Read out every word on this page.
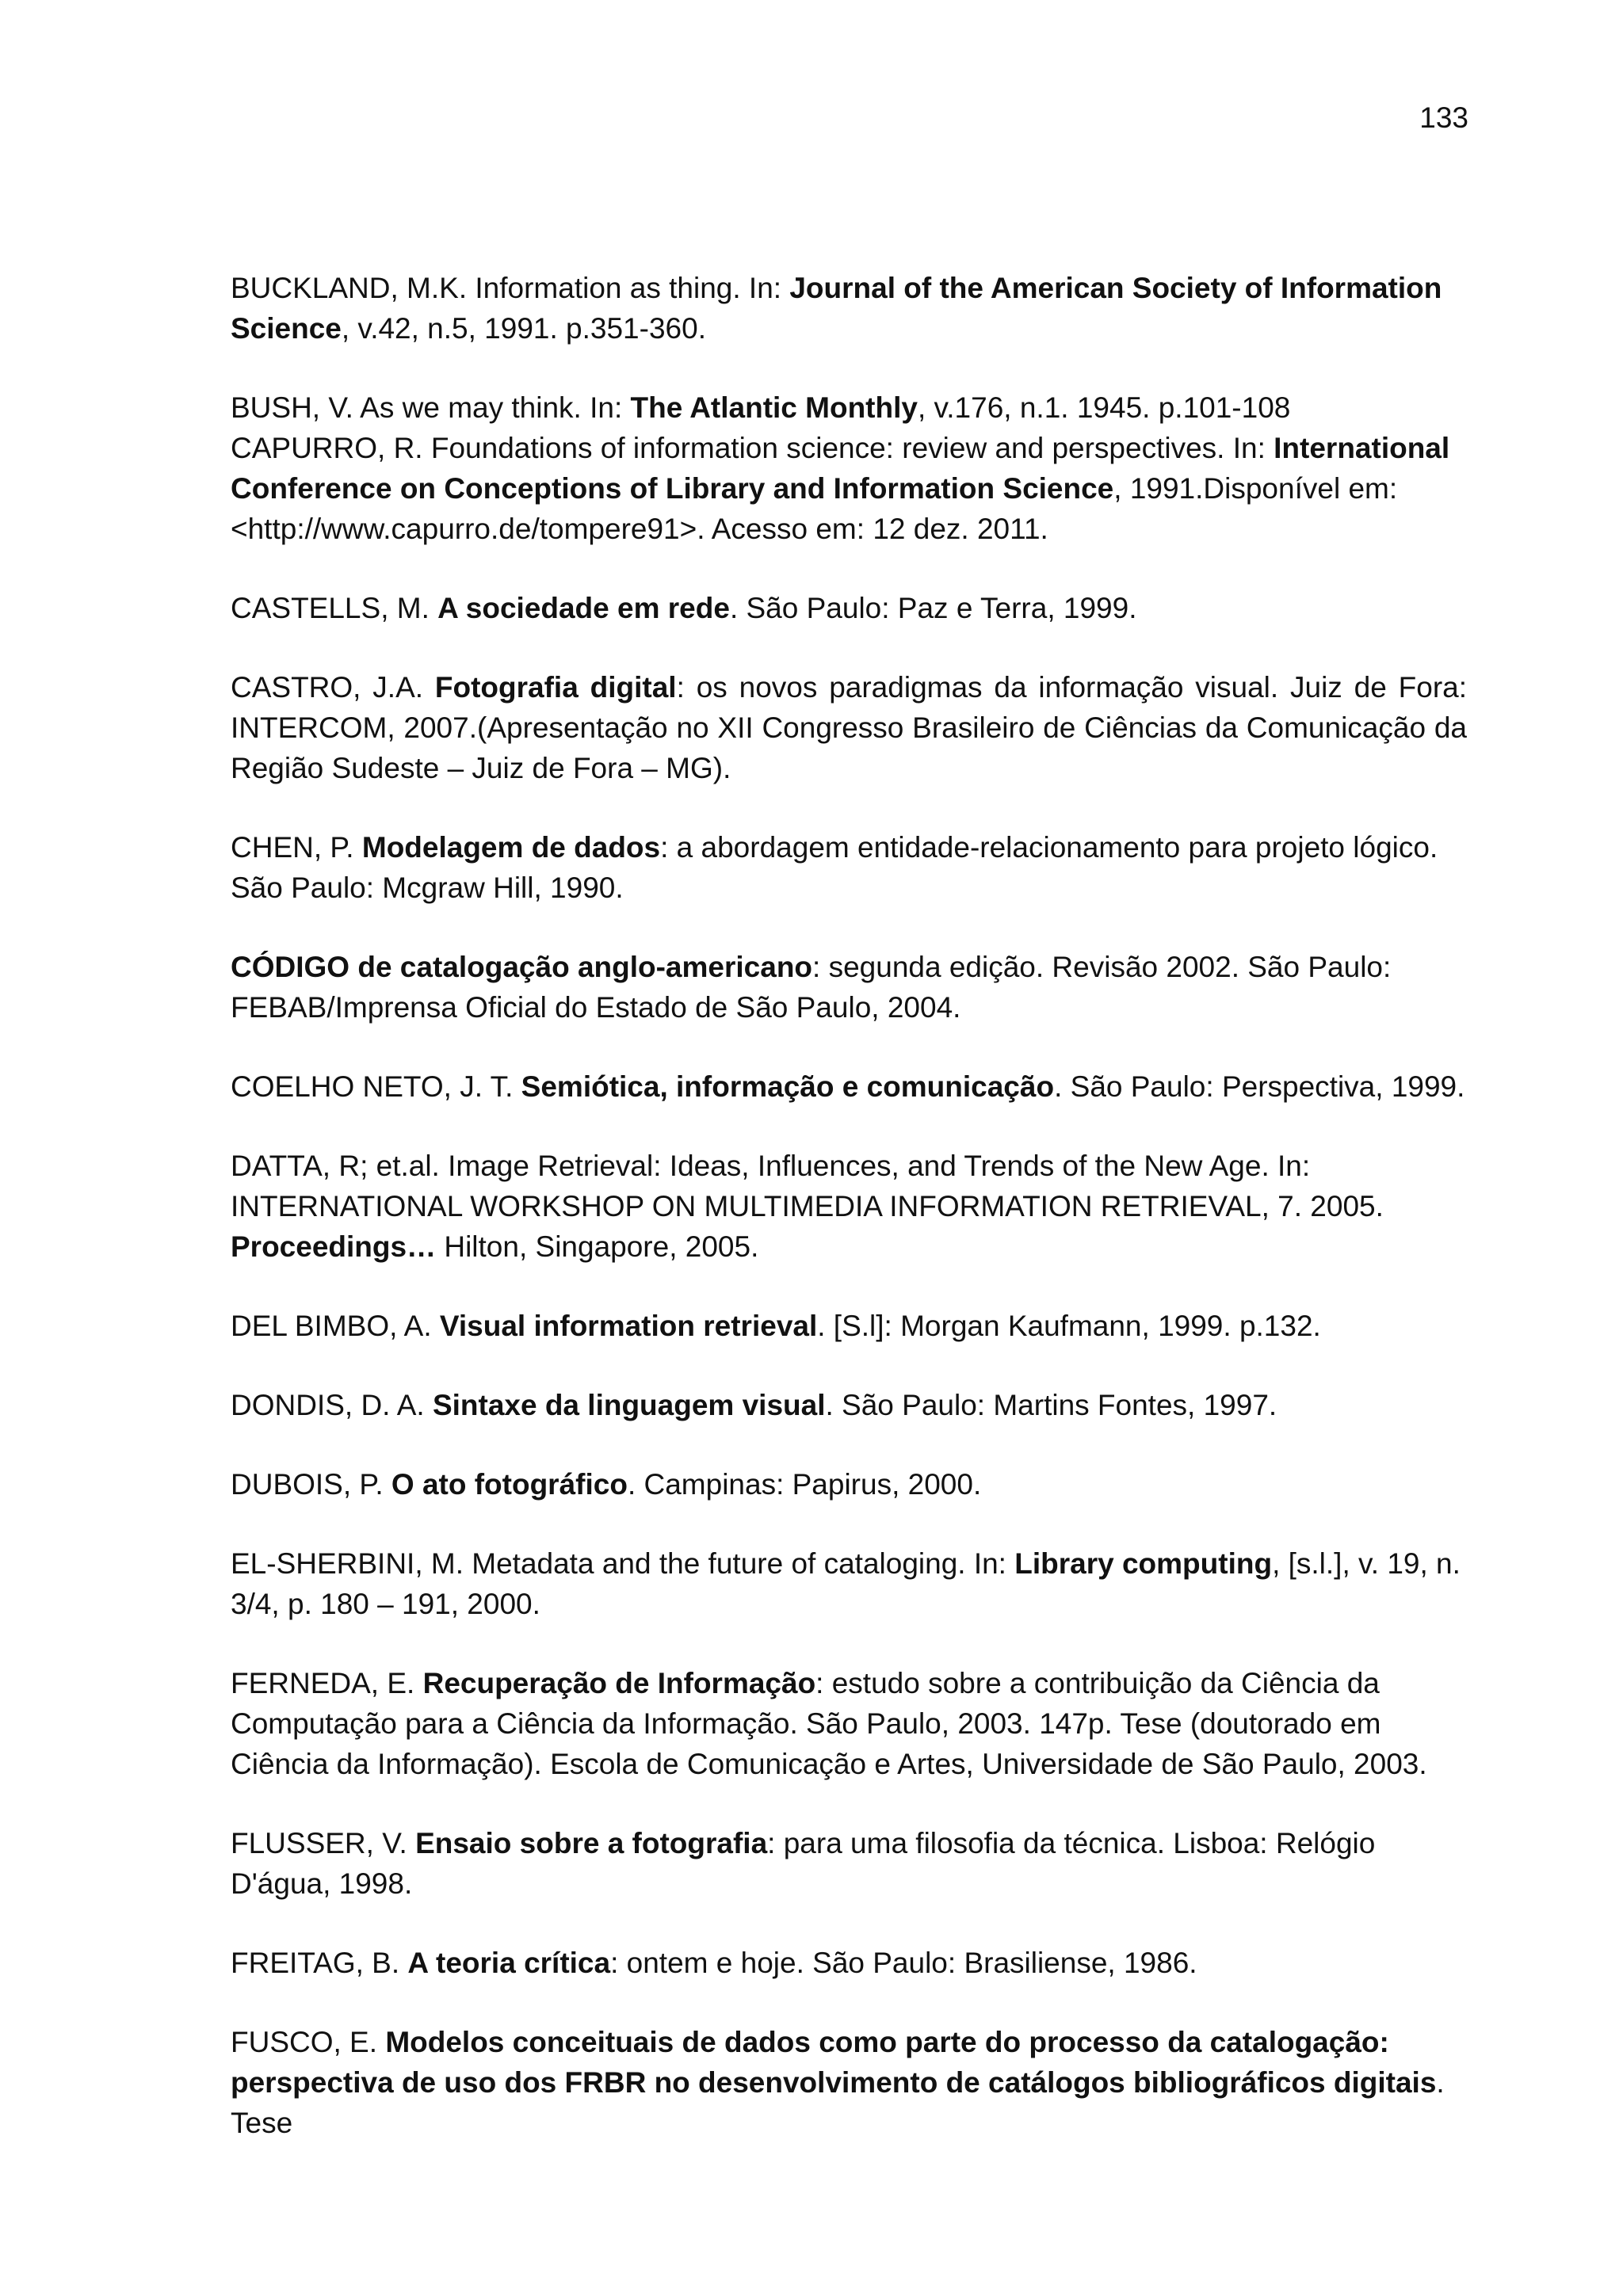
133

BUCKLAND, M.K. Information as thing. In: Journal of the American Society of Information Science, v.42, n.5, 1991. p.351-360.

BUSH, V. As we may think. In: The Atlantic Monthly, v.176, n.1. 1945. p.101-108

CAPURRO, R. Foundations of information science: review and perspectives. In: International Conference on Conceptions of Library and Information Science, 1991.Disponível em: <http://www.capurro.de/tompere91>. Acesso em: 12 dez. 2011.

CASTELLS, M. A sociedade em rede. São Paulo: Paz e Terra, 1999.

CASTRO, J.A. Fotografia digital: os novos paradigmas da informação visual. Juiz de Fora: INTERCOM, 2007.(Apresentação no XII Congresso Brasileiro de Ciências da Comunicação da Região Sudeste – Juiz de Fora – MG).

CHEN, P. Modelagem de dados: a abordagem entidade-relacionamento para projeto lógico. São Paulo: Mcgraw Hill, 1990.

CÓDIGO de catalogação anglo-americano: segunda edição. Revisão 2002. São Paulo: FEBAB/Imprensa Oficial do Estado de São Paulo, 2004.

COELHO NETO, J. T. Semiótica, informação e comunicação. São Paulo: Perspectiva, 1999.

DATTA, R; et.al. Image Retrieval: Ideas, Influences, and Trends of the New Age. In: INTERNATIONAL WORKSHOP ON MULTIMEDIA INFORMATION RETRIEVAL, 7. 2005. Proceedings… Hilton, Singapore, 2005.

DEL BIMBO, A. Visual information retrieval. [S.l]: Morgan Kaufmann, 1999. p.132.

DONDIS, D. A. Sintaxe da linguagem visual. São Paulo: Martins Fontes, 1997.

DUBOIS, P. O ato fotográfico. Campinas: Papirus, 2000.

EL-SHERBINI, M. Metadata and the future of cataloging. In: Library computing, [s.l.], v. 19, n. 3/4, p. 180 – 191, 2000.

FERNEDA, E. Recuperação de Informação: estudo sobre a contribuição da Ciência da Computação para a Ciência da Informação. São Paulo, 2003. 147p. Tese (doutorado em Ciência da Informação). Escola de Comunicação e Artes, Universidade de São Paulo, 2003.

FLUSSER, V. Ensaio sobre a fotografia: para uma filosofia da técnica. Lisboa: Relógio D'água, 1998.

FREITAG, B. A teoria crítica: ontem e hoje. São Paulo: Brasiliense, 1986.

FUSCO, E. Modelos conceituais de dados como parte do processo da catalogação: perspectiva de uso dos FRBR no desenvolvimento de catálogos bibliográficos digitais. Tese
